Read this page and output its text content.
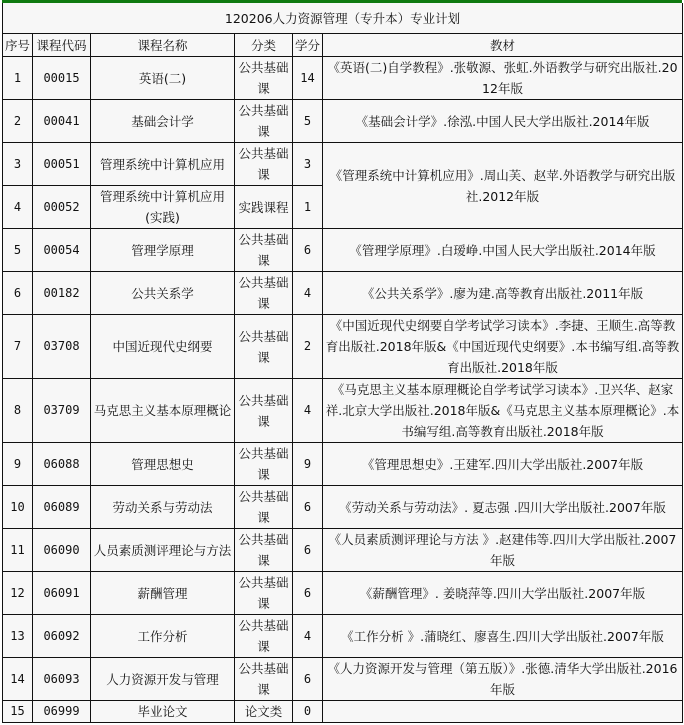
120206人力资源管理（专升本）专业计划					
序号	课程代码	课程名称	分类	学分	教材
1	00015	英语(二)	公共基础课	14	《英语(二)自学教程》.张敬源、张虹.外语教学与研究出版社.2012年版
2	00041	基础会计学	公共基础课	5	《基础会计学》.徐泓.中国人民大学出版社.2014年版
3	00051	管理系统中计算机应用	公共基础课	3	《管理系统中计算机应用》.周山芙、赵苹.外语教学与研究出版社.2012年版
4	00052	管理系统中计算机应用(实践)	实践课程	1	
5	00054	管理学原理	公共基础课	6	《管理学原理》.白瑷峥.中国人民大学出版社.2014年版
6	00182	公共关系学	公共基础课	4	《公共关系学》.廖为建.高等教育出版社.2011年版
7	03708	中国近现代史纲要	公共基础课	2	《中国近现代史纲要自学考试学习读本》.李捷、王顺生.高等教育出版社.2018年版&《中国近现代史纲要》.本书编写组.高等教育出版社.2018年版
8	03709	马克思主义基本原理概论	公共基础课	4	《马克思主义基本原理概论自学考试学习读本》.卫兴华、赵家祥.北京大学出版社.2018年版&《马克思主义基本原理概论》.本书编写组.高等教育出版社.2018年版
9	06088	管理思想史	公共基础课	9	《管理思想史》.王建军.四川大学出版社.2007年版
10	06089	劳动关系与劳动法	公共基础课	6	《劳动关系与劳动法》. 夏志强 .四川大学出版社.2007年版
11	06090	人员素质测评理论与方法	公共基础课	6	《人员素质测评理论与方法 》.赵建伟等.四川大学出版社.2007年版
12	06091	薪酬管理	公共基础课	6	《薪酬管理》. 姜晓萍等.四川大学出版社.2007年版
13	06092	工作分析	公共基础课	4	《工作分析 》.蒲晓红、廖喜生.四川大学出版社.2007年版
14	06093	人力资源开发与管理	公共基础课	6	《人力资源开发与管理（第五版）》.张德.清华大学出版社.2016年版
15	06999	毕业论文	论文类	0	
